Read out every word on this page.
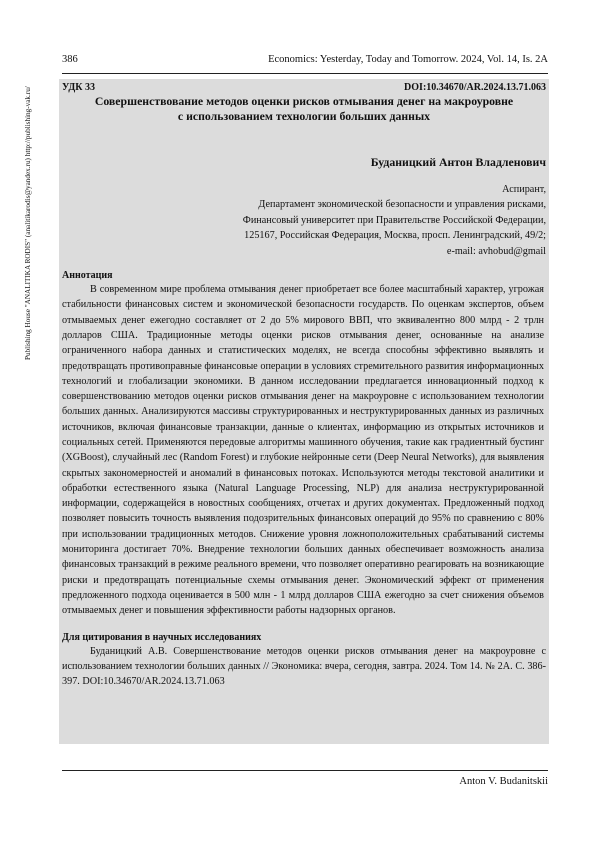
386	Economics: Yesterday, Today and Tomorrow. 2024, Vol. 14, Is. 2A
Publishing House "ANALITIKA RODIS" (analitikarodis@yandex.ru) http://publishing-vak.ru/	УДК 33	DOI:10.34670/AR.2024.13.71.063
Совершенствование методов оценки рисков отмывания денег на макроуровне с использованием технологии больших данных
Буданицкий Антон Владленович
Аспирант,
Департамент экономической безопасности и управления рисками,
Финансовый университет при Правительстве Российской Федерации,
125167, Российская Федерация, Москва, просп. Ленинградский, 49/2;
e-mail: avhobud@gmail
Аннотация

В современном мире проблема отмывания денег приобретает все более масштабный характер, угрожая стабильности финансовых систем и экономической безопасности государств. По оценкам экспертов, объем отмываемых денег ежегодно составляет от 2 до 5% мирового ВВП, что эквивалентно 800 млрд - 2 трлн долларов США. Традиционные методы оценки рисков отмывания денег, основанные на анализе ограниченного набора данных и статистических моделях, не всегда способны эффективно выявлять и предотвращать противоправные финансовые операции в условиях стремительного развития информационных технологий и глобализации экономики. В данном исследовании предлагается инновационный подход к совершенствованию методов оценки рисков отмывания денег на макроуровне с использованием технологии больших данных. Анализируются массивы структурированных и неструктурированных данных из различных источников, включая финансовые транзакции, данные о клиентах, информацию из открытых источников и социальных сетей. Применяются передовые алгоритмы машинного обучения, такие как градиентный бустинг (XGBoost), случайный лес (Random Forest) и глубокие нейронные сети (Deep Neural Networks), для выявления скрытых закономерностей и аномалий в финансовых потоках. Используются методы текстовой аналитики и обработки естественного языка (Natural Language Processing, NLP) для анализа неструктурированной информации, содержащейся в новостных сообщениях, отчетах и других документах. Предложенный подход позволяет повысить точность выявления подозрительных финансовых операций до 95% по сравнению с 80% при использовании традиционных методов. Снижение уровня ложноположительных срабатываний системы мониторинга достигает 70%. Внедрение технологии больших данных обеспечивает возможность анализа финансовых транзакций в режиме реального времени, что позволяет оперативно реагировать на возникающие риски и предотвращать потенциальные схемы отмывания денег. Экономический эффект от применения предложенного подхода оценивается в 500 млн - 1 млрд долларов США ежегодно за счет снижения объемов отмываемых денег и повышения эффективности работы надзорных органов.

Для цитирования в научных исследованиях

Буданицкий А.В. Совершенствование методов оценки рисков отмывания денег на макроуровне с использованием технологии больших данных // Экономика: вчера, сегодня, завтра. 2024. Том 14. № 2А. С. 386-397. DOI:10.34670/AR.2024.13.71.063

Anton V. Budanitskii
